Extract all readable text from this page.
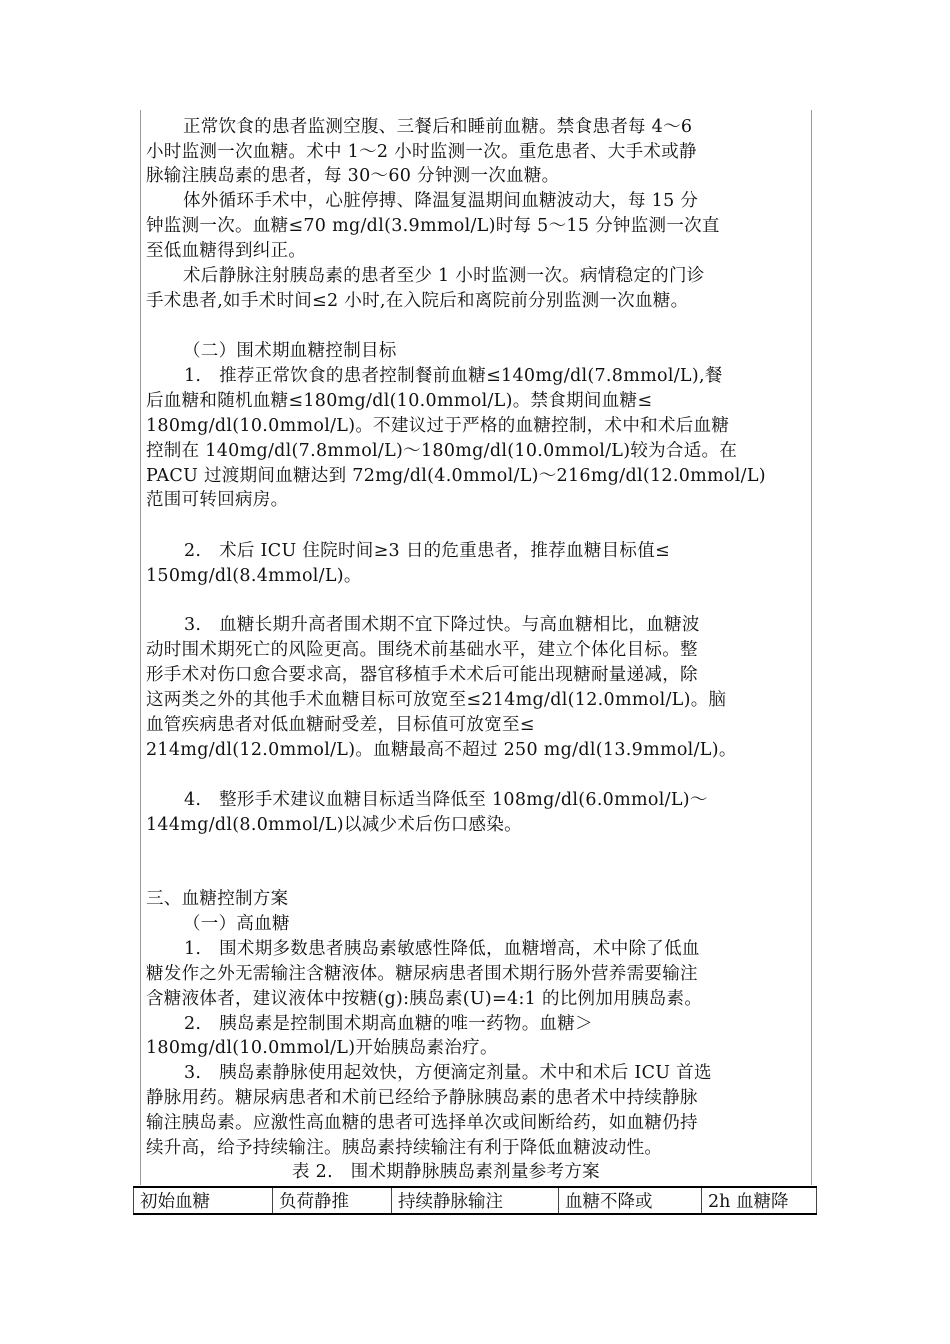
正常饮食的患者监测空腹、三餐后和睡前血糖。禁食患者每 4～6
小时监测一次血糖。术中 1～2 小时监测一次。重危患者、大手术或静
脉输注胰岛素的患者，每 30～60 分钟测一次血糖。
体外循环手术中，心脏停搏、降温复温期间血糖波动大，每 15 分
钟监测一次。血糖≤70 mg/dl(3.9mmol/L)时每 5～15 分钟监测一次直
至低血糖得到纠正。
术后静脉注射胰岛素的患者至少 1 小时监测一次。病情稳定的门诊
手术患者,如手术时间≤2 小时,在入院后和离院前分别监测一次血糖。
（二）围术期血糖控制目标
1.　推荐正常饮食的患者控制餐前血糖≤140mg/dl(7.8mmol/L),餐
后血糖和随机血糖≤180mg/dl(10.0mmol/L)。禁食期间血糖≤
180mg/dl(10.0mmol/L)。不建议过于严格的血糖控制，术中和术后血糖
控制在 140mg/dl(7.8mmol/L)～180mg/dl(10.0mmol/L)较为合适。在
PACU 过渡期间血糖达到 72mg/dl(4.0mmol/L)～216mg/dl(12.0mmol/L)
范围可转回病房。
2.　术后 ICU 住院时间≥3 日的危重患者，推荐血糖目标值≤
150mg/dl(8.4mmol/L)。
3.　血糖长期升高者围术期不宜下降过快。与高血糖相比，血糖波
动时围术期死亡的风险更高。围绕术前基础水平，建立个体化目标。整
形手术对伤口愈合要求高，器官移植手术术后可能出现糖耐量递减，除
这两类之外的其他手术血糖目标可放宽至≤214mg/dl(12.0mmol/L)。脑
血管疾病患者对低血糖耐受差，目标值可放宽至≤
214mg/dl(12.0mmol/L)。血糖最高不超过 250 mg/dl(13.9mmol/L)。
4.　整形手术建议血糖目标适当降低至 108mg/dl(6.0mmol/L)～
144mg/dl(8.0mmol/L)以减少术后伤口感染。
三、血糖控制方案
（一）高血糖
1.　围术期多数患者胰岛素敏感性降低，血糖增高，术中除了低血
糖发作之外无需输注含糖液体。糖尿病患者围术期行肠外营养需要输注
含糖液体者，建议液体中按糖(g):胰岛素(U)=4:1 的比例加用胰岛素。
2.　胰岛素是控制围术期高血糖的唯一药物。血糖＞
180mg/dl(10.0mmol/L)开始胰岛素治疗。
3.　胰岛素静脉使用起效快，方便滴定剂量。术中和术后 ICU 首选
静脉用药。糖尿病患者和术前已经给予静脉胰岛素的患者术中持续静脉
输注胰岛素。应激性高血糖的患者可选择单次或间断给药，如血糖仍持
续升高，给予持续输注。胰岛素持续输注有利于降低血糖波动性。
表 2.　围术期静脉胰岛素剂量参考方案
初始血糖	负荷静推	持续静脉输注	血糖不降或	2h 血糖降
